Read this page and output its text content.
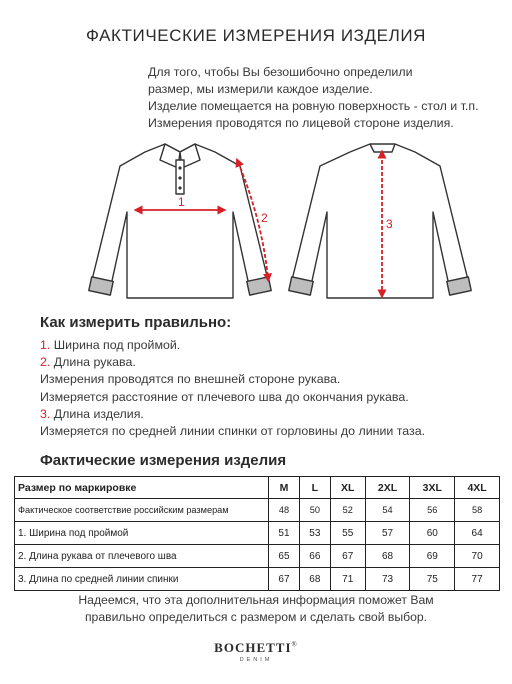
ФАКТИЧЕСКИЕ ИЗМЕРЕНИЯ ИЗДЕЛИЯ
Для того, чтобы Вы безошибочно определили
размер, мы измерили каждое изделие.
Изделие помещается на ровную поверхность - стол и т.п.
Измерения проводятся по лицевой стороне изделия.
1
2	3
Как измерить правильно:
1. Ширина под проймой.
2. Длина рукава.
Измерения проводятся по внешней стороне рукава.
Измеряется расстояние от плечевого шва до окончания рукава.
3. Длина изделия.
Измеряется по средней линии спинки от горловины до линии таза.
Фактические измерения изделия
Размер по маркировке	M	L	XL	2XL	3XL	4XL
Фактическое соответствие российским размерам	48	50	52	54	56	58
1. Ширина под проймой	51	53	55	57	60	64
2. Длина рукава от плечевого шва	65	66	67	68	69	70
3. Длина по средней линии спинки	67	68	71	73	75	77
Надеемся, что эта дополнительная информация поможет Вам
правильно определиться с размером и сделать свой выбор.
BOCHETTI®
DENIM
